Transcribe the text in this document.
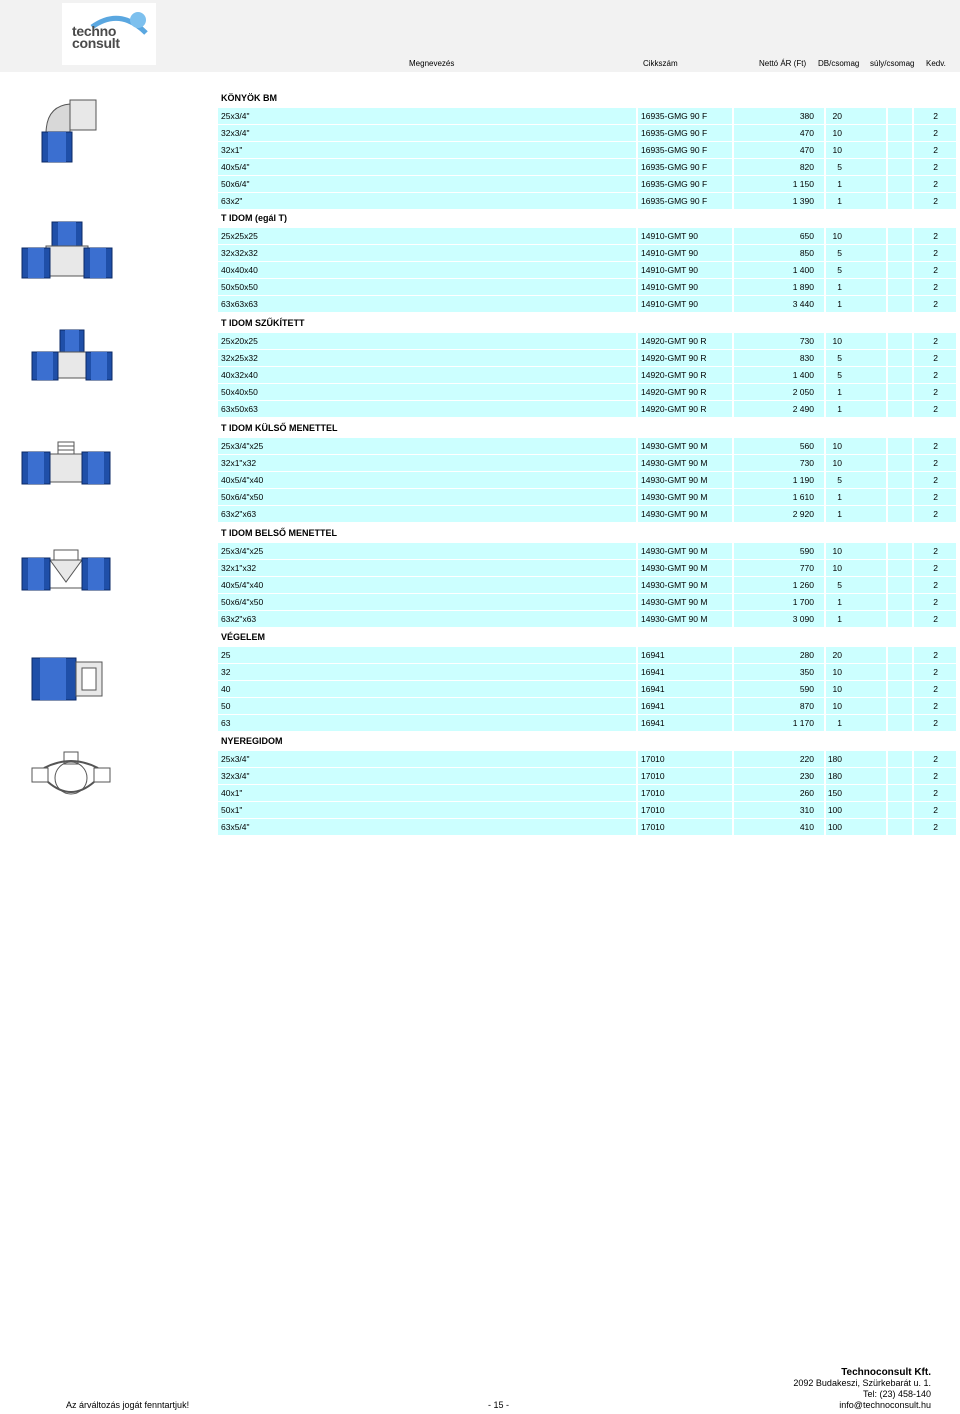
techno
consult
Megnevezés	Cikkszám	Nettó ÁR (Ft) DB/csomag súly/csomag Kedv.
KÖNYÖK BM
25x3/4"	16935-GMG 90 F	380	20	2
32x3/4"	16935-GMG 90 F	470	10	2
32x1"	16935-GMG 90 F	470	10	2
40x5/4"	16935-GMG 90 F	820	5	2
50x6/4"	16935-GMG 90 F	1 150	1	2
63x2"	16935-GMG 90 F	1 390	1	2
T IDOM (egál T)
25x25x25	14910-GMT 90	650	10	2
32x32x32	14910-GMT 90	850	5	2
40x40x40	14910-GMT 90	1 400	5	2
50x50x50	14910-GMT 90	1 890	1	2
63x63x63	14910-GMT 90	3 440	1	2
T IDOM SZŰKÍTETT
25x20x25	14920-GMT 90 R	730	10	2
32x25x32	14920-GMT 90 R	830	5	2
40x32x40	14920-GMT 90 R	1 400	5	2
50x40x50	14920-GMT 90 R	2 050	1	2
63x50x63	14920-GMT 90 R	2 490	1	2
T IDOM KÜLSŐ MENETTEL
25x3/4"x25	14930-GMT 90 M	560	10	2
32x1"x32	14930-GMT 90 M	730	10	2
40x5/4"x40	14930-GMT 90 M	1 190	5	2
50x6/4"x50	14930-GMT 90 M	1 610	1	2
63x2"x63	14930-GMT 90 M	2 920	1	2
T IDOM BELSŐ MENETTEL
25x3/4"x25	14930-GMT 90 M	590	10	2
32x1"x32	14930-GMT 90 M	770	10	2
40x5/4"x40	14930-GMT 90 M	1 260	5	2
50x6/4"x50	14930-GMT 90 M	1 700	1	2
63x2"x63	14930-GMT 90 M	3 090	1	2
VÉGELEM
25	16941	280	20	2
32	16941	350	10	2
40	16941	590	10	2
50	16941	870	10	2
63	16941	1 170	1	2
NYEREGIDOM
25x3/4"	17010	220	180	2
32x3/4"	17010	230	180	2
40x1"	17010	260	150	2
50x1"	17010	310	100	2
63x5/4"	17010	410	100	2
Az árváltozás jogát fenntartjuk!	- 15 -
Technoconsult Kft.
2092 Budakeszi, Szürkebarát u. 1.
Tel: (23) 458-140
info@technoconsult.hu
